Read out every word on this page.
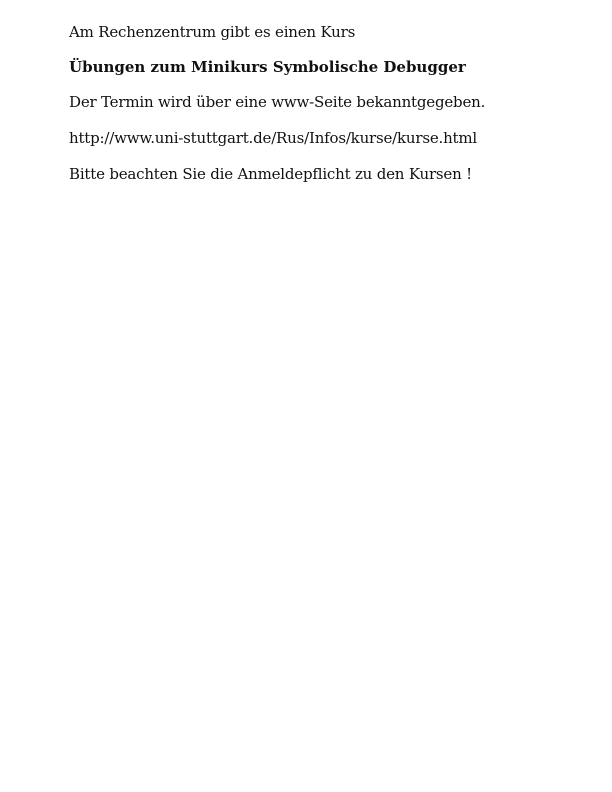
Am Rechenzentrum gibt es einen Kurs

Übungen zum Minikurs Symbolische Debugger

Der Termin wird über eine www-Seite bekanntgegeben.

http://www.uni-stuttgart.de/Rus/Infos/kurse/kurse.html

Bitte beachten Sie die Anmeldepflicht zu den Kursen !
